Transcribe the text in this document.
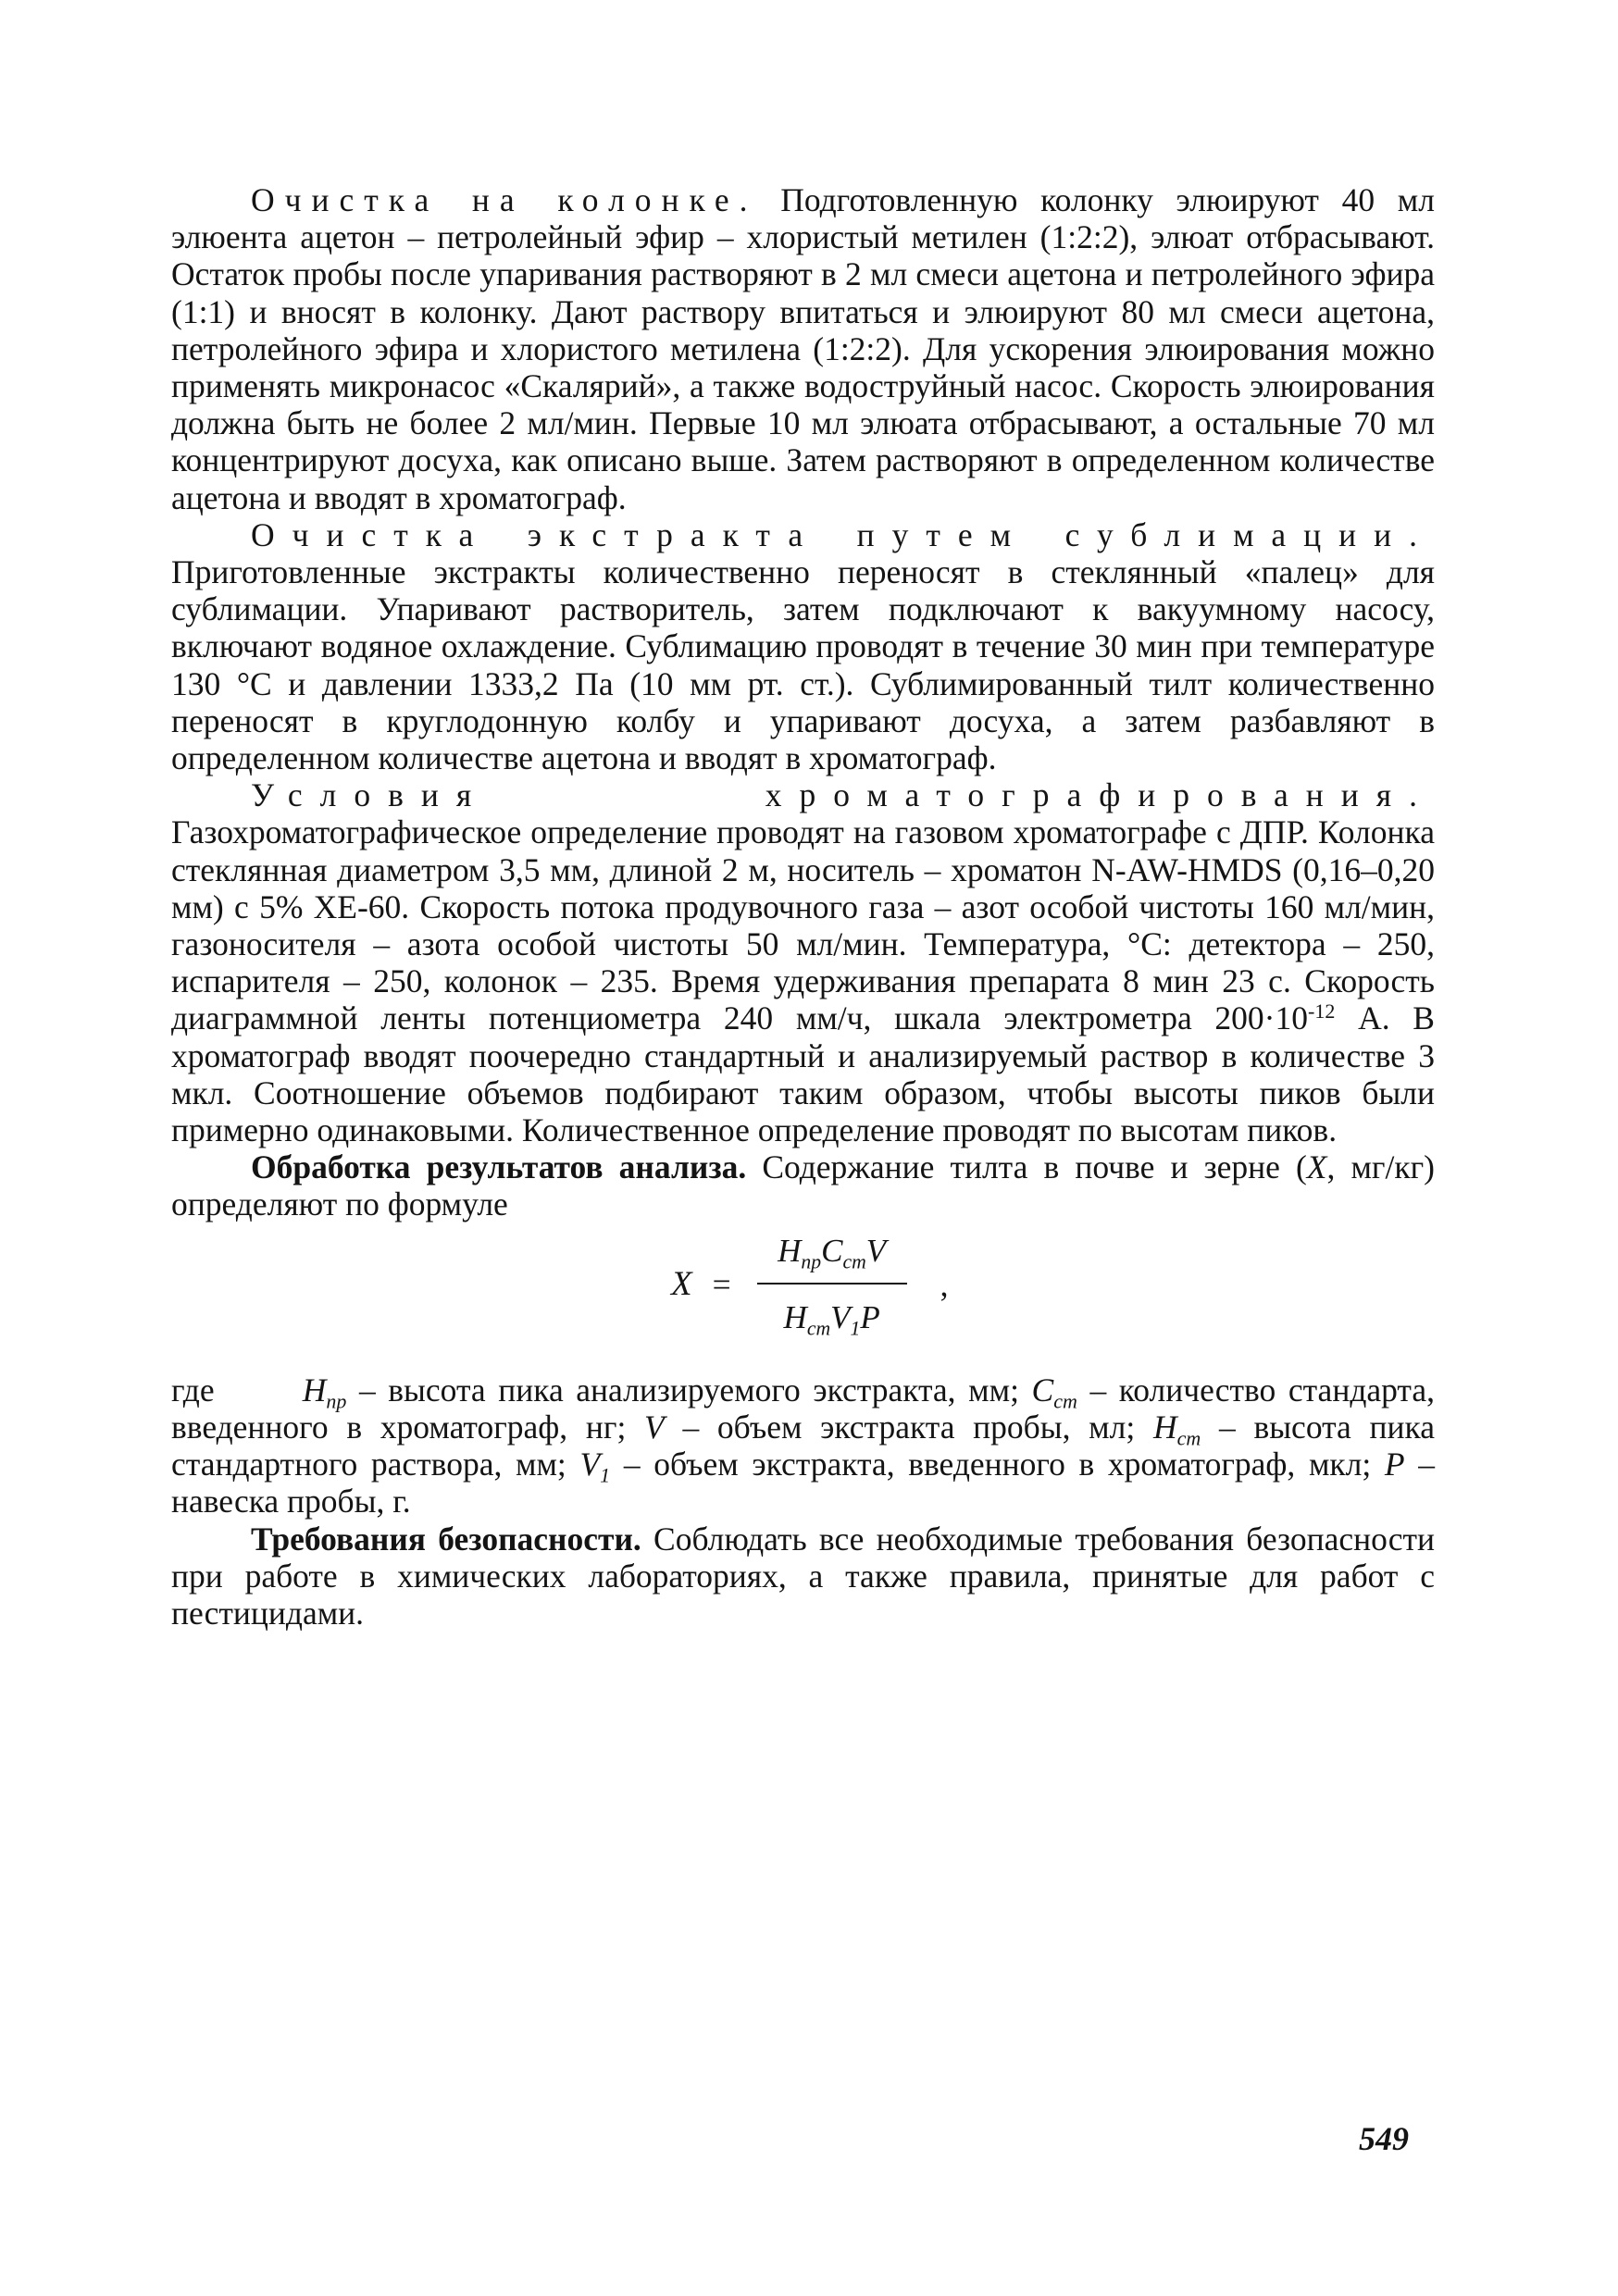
Очистка на колонке. Подготовленную колонку элюируют 40 мл элюента ацетон – петролейный эфир – хлористый метилен (1:2:2), элюат отбрасывают. Остаток пробы после упаривания растворяют в 2 мл смеси ацетона и петролейного эфира (1:1) и вносят в колонку. Дают раствору впитаться и элюируют 80 мл смеси ацетона, петролейного эфира и хлористого метилена (1:2:2). Для ускорения элюирования можно применять микронасос «Скалярий», а также водоструйный насос. Скорость элюирования должна быть не более 2 мл/мин. Первые 10 мл элюата отбрасывают, а остальные 70 мл концентрируют досуха, как описано выше. Затем растворяют в определенном количестве ацетона и вводят в хроматограф.

Очистка экстракта путем сублимации. Приготовленные экстракты количественно переносят в стеклянный «палец» для сублимации. Упаривают растворитель, затем подключают к вакуумному насосу, включают водяное охлаждение. Сублимацию проводят в течение 30 мин при температуре 130 °С и давлении 1333,2 Па (10 мм рт. ст.). Сублимированный тилт количественно переносят в круглодонную колбу и упаривают досуха, а затем разбавляют в определенном количестве ацетона и вводят в хроматограф.

Условия хроматографирования. Газохроматографическое определение проводят на газовом хроматографе с ДПР. Колонка стеклянная диаметром 3,5 мм, длиной 2 м, носитель – хроматон N-AW-HMDS (0,16–0,20 мм) с 5% XE-60. Скорость потока продувочного газа – азот особой чистоты 160 мл/мин, газоносителя – азота особой чистоты 50 мл/мин. Температура, °С: детектора – 250, испарителя – 250, колонок – 235. Время удерживания препарата 8 мин 23 с. Скорость диаграммной ленты потенциометра 240 мм/ч, шкала электрометра $200\cdot 10^{-12}$ А. В хроматограф вводят поочередно стандартный и анализируемый раствор в количестве 3 мкл. Соотношение объемов подбирают таким образом, чтобы высоты пиков были примерно одинаковыми. Количественное определение проводят по высотам пиков.

Обработка результатов анализа. Содержание тилта в почве и зерне (X, мг/кг) определяют по формуле

$X = \frac{H_{пр}C_{ст}V}{H_{ст}V_1P}$ ,

где	$H_{пр}$ – высота пика анализируемого экстракта, мм; $C_{ст}$ – количество стандарта, введенного в хроматограф, нг; V – объем экстракта пробы, мл; $H_{ст}$ – высота пика стандартного раствора, мм; $V_1$ – объем экстракта, введенного в хроматограф, мкл; P – навеска пробы, г.

Требования безопасности. Соблюдать все необходимые требования безопасности при работе в химических лабораториях, а также правила, принятые для работ с пестицидами.

549
